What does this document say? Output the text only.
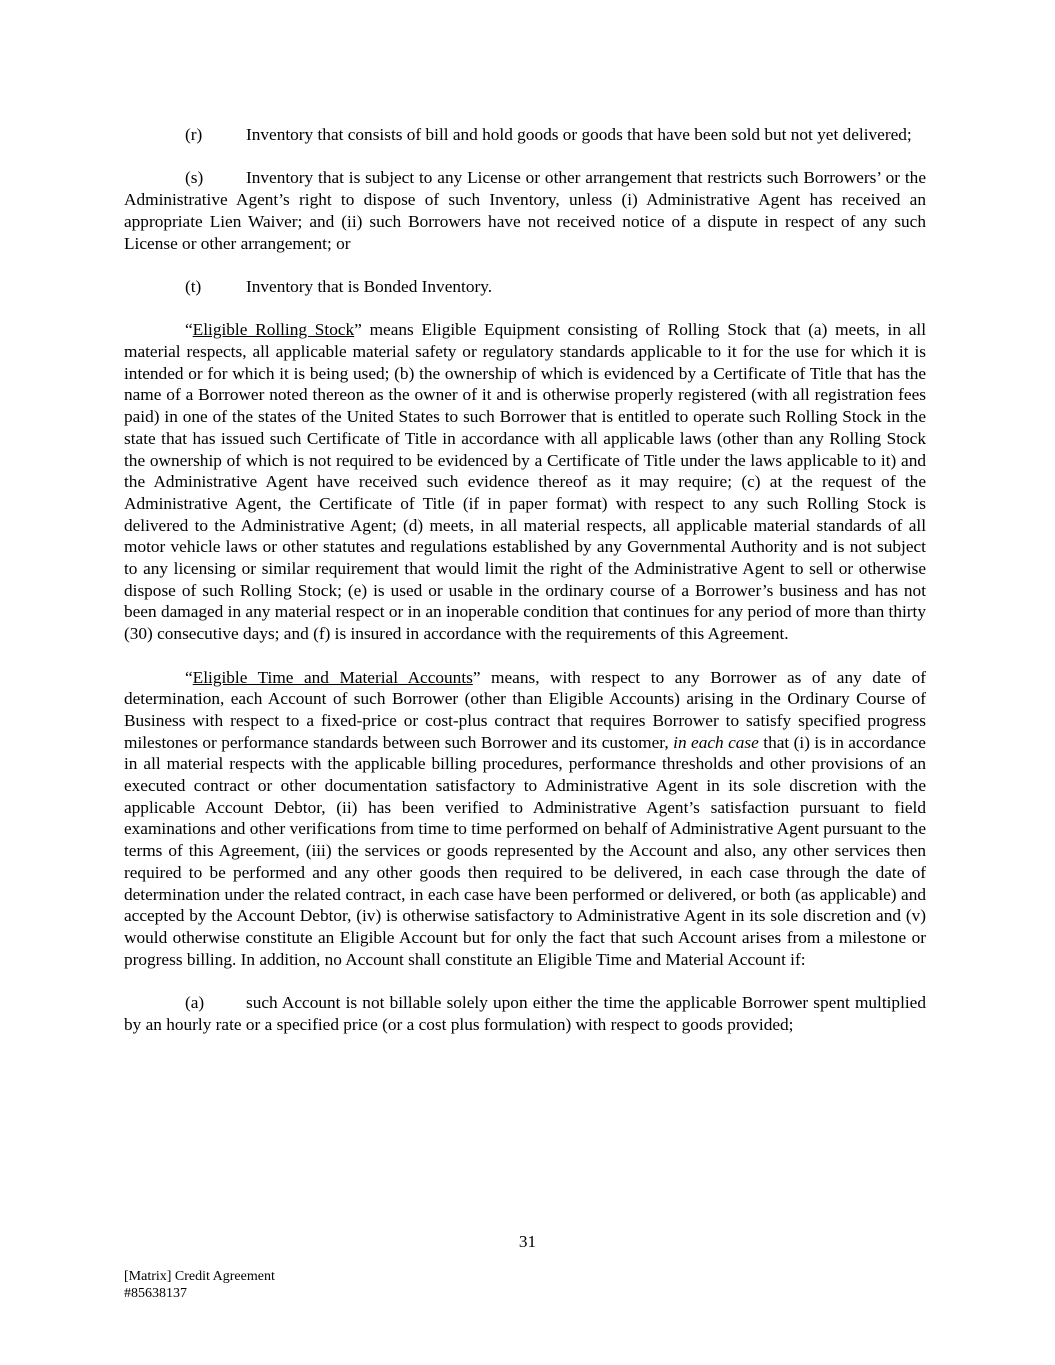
(r)	Inventory that consists of bill and hold goods or goods that have been sold but not yet delivered;

(s) Inventory that is subject to any License or other arrangement that restricts such Borrowers’ or the Administrative Agent’s right to dispose of such Inventory, unless (i) Administrative Agent has received an appropriate Lien Waiver; and (ii) such Borrowers have not received notice of a dispute in respect of any such License or other arrangement; or

(t)	Inventory that is Bonded Inventory.

“Eligible Rolling Stock” means Eligible Equipment consisting of Rolling Stock that (a) meets, in all material respects, all applicable material safety or regulatory standards applicable to it for the use for which it is intended or for which it is being used; (b) the ownership of which is evidenced by a Certificate of Title that has the name of a Borrower noted thereon as the owner of it and is otherwise properly registered (with all registration fees paid) in one of the states of the United States to such Borrower that is entitled to operate such Rolling Stock in the state that has issued such Certificate of Title in accordance with all applicable laws (other than any Rolling Stock the ownership of which is not required to be evidenced by a Certificate of Title under the laws applicable to it) and the Administrative Agent have received such evidence thereof as it may require; (c) at the request of the Administrative Agent, the Certificate of Title (if in paper format) with respect to any such Rolling Stock is delivered to the Administrative Agent; (d) meets, in all material respects, all applicable material standards of all motor vehicle laws or other statutes and regulations established by any Governmental Authority and is not subject to any licensing or similar requirement that would limit the right of the Administrative Agent to sell or otherwise dispose of such Rolling Stock; (e) is used or usable in the ordinary course of a Borrower’s business and has not been damaged in any material respect or in an inoperable condition that continues for any period of more than thirty (30) consecutive days; and (f) is insured in accordance with the requirements of this Agreement.

“Eligible Time and Material Accounts” means, with respect to any Borrower as of any date of determination, each Account of such Borrower (other than Eligible Accounts) arising in the Ordinary Course of Business with respect to a fixed-price or cost-plus contract that requires Borrower to satisfy specified progress milestones or performance standards between such Borrower and its customer, in each case that (i) is in accordance in all material respects with the applicable billing procedures, performance thresholds and other provisions of an executed contract or other documentation satisfactory to Administrative Agent in its sole discretion with the applicable Account Debtor, (ii) has been verified to Administrative Agent’s satisfaction pursuant to field examinations and other verifications from time to time performed on behalf of Administrative Agent pursuant to the terms of this Agreement, (iii) the services or goods represented by the Account and also, any other services then required to be performed and any other goods then required to be delivered, in each case through the date of determination under the related contract, in each case have been performed or delivered, or both (as applicable) and accepted by the Account Debtor, (iv) is otherwise satisfactory to Administrative Agent in its sole discretion and (v) would otherwise constitute an Eligible Account but for only the fact that such Account arises from a milestone or progress billing. In addition, no Account shall constitute an Eligible Time and Material Account if:

(a) such Account is not billable solely upon either the time the applicable Borrower spent multiplied by an hourly rate or a specified price (or a cost plus formulation) with respect to goods provided;

31
[Matrix] Credit Agreement
#85638137
